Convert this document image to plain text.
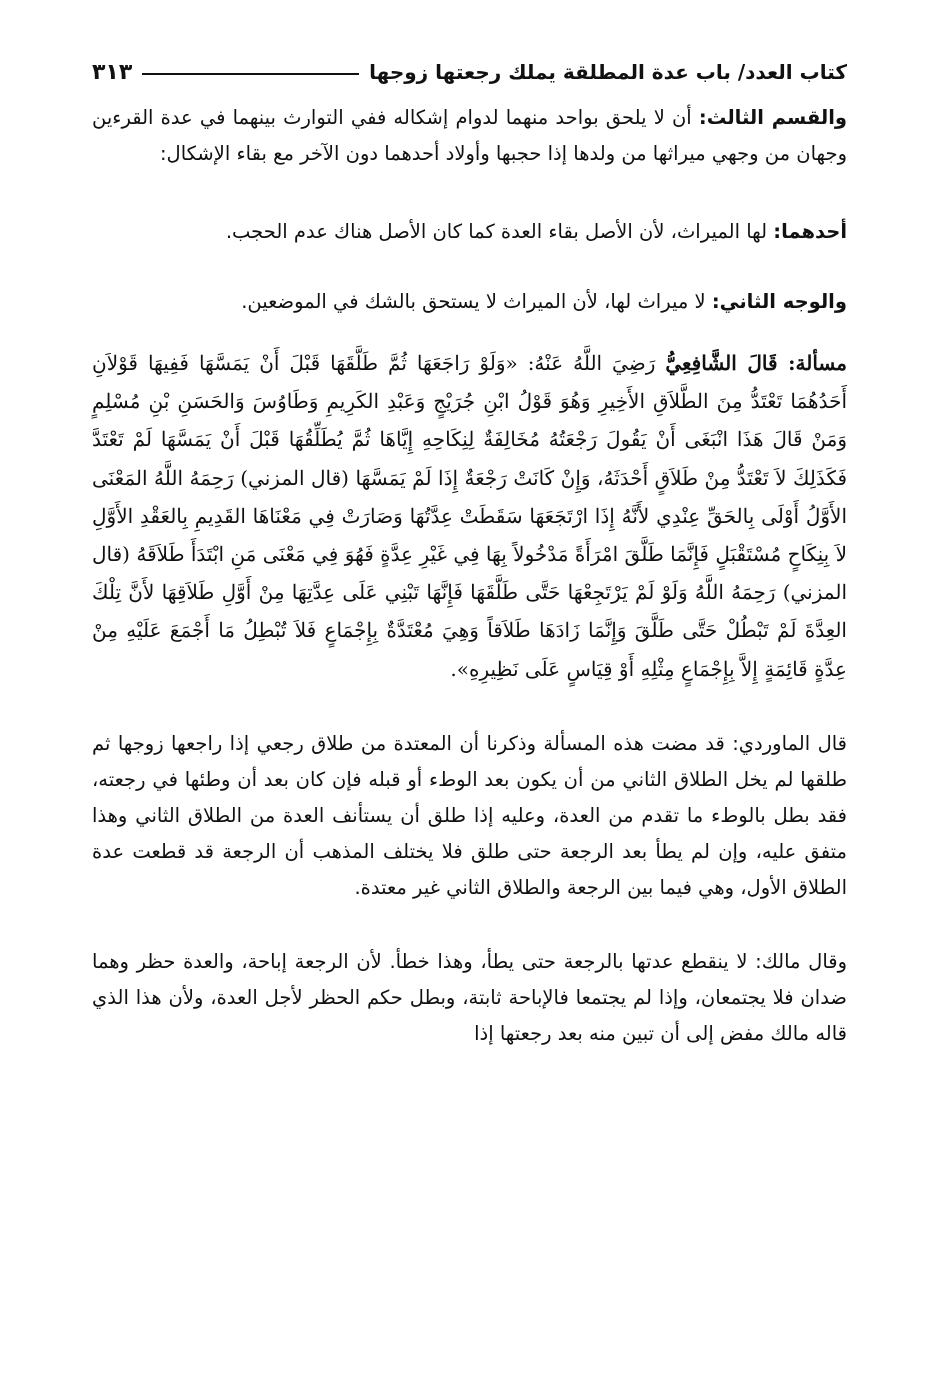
كتاب العدد/ باب عدة المطلقة يملك رجعتها زوجها
٣١٣

والقسم الثالث: أن لا يلحق بواحد منهما لدوام إشكاله ففي التوارث بينهما في عدة القرءين وجهان من وجهي ميراثها من ولدها إذا حجبها وأولاد أحدهما دون الآخر مع بقاء الإشكال:

أحدهما: لها الميراث، لأن الأصل بقاء العدة كما كان الأصل هناك عدم الحجب.

والوجه الثاني: لا ميراث لها، لأن الميراث لا يستحق بالشك في الموضعين.

مسألة: قَالَ الشَّافِعِيُّ رَضِيَ اللَّهُ عَنْهُ: «وَلَوْ رَاجَعَهَا ثُمَّ طَلَّقَهَا قَبْلَ أَنْ يَمَسَّهَا فَفِيهَا قَوْلاَنِ أَحَدُهُمَا تَعْتَدُّ مِنَ الطَّلاَقِ الأَخِيرِ وَهُوَ قَوْلُ ابْنِ جُرَيْجٍ وَعَبْدِ الكَرِيمِ وَطَاوُسَ وَالحَسَنِ بْنِ مُسْلِمٍ وَمَنْ قَالَ هَذَا انْبَغَى أَنْ يَقُولَ رَجْعَتُهُ مُخَالِفَةٌ لِنِكَاحِهِ إِيَّاهَا ثُمَّ يُطَلِّقُهَا قَبْلَ أَنْ يَمَسَّهَا لَمْ تَعْتَدَّ فَكَذَلِكَ لاَ تَعْتَدُّ مِنْ طَلاَقٍ أَحْدَثَهُ، وَإِنْ كَانَتْ رَجْعَةٌ إِذَا لَمْ يَمَسَّهَا (قال المزني) رَحِمَهُ اللَّهُ المَعْنَى الأَوَّلُ أَوْلَى بِالحَقِّ عِنْدِي لأَنَّهُ إِذَا ارْتَجَعَهَا سَقَطَتْ عِدَّتُهَا وَصَارَتْ فِي مَعْنَاهَا القَدِيمِ بِالعَقْدِ الأَوَّلِ لاَ بِنِكَاحٍ مُسْتَقْبَلٍ فَإِنَّمَا طَلَّقَ امْرَأَةً مَدْخُولاً بِهَا فِي غَيْرِ عِدَّةٍ فَهُوَ فِي مَعْنَى مَنِ ابْتَدَأَ طَلاَقَهُ (قال المزني) رَحِمَهُ اللَّهُ وَلَوْ لَمْ يَرْتَجِعْهَا حَتَّى طَلَّقَهَا فَإِنَّهَا تَبْنِي عَلَى عِدَّتِهَا مِنْ أَوَّلِ طَلاَقِهَا لأَنَّ تِلْكَ العِدَّةَ لَمْ تَبْطُلْ حَتَّى طَلَّقَ وَإِنَّمَا زَادَهَا طَلاَقاً وَهِيَ مُعْتَدَّةٌ بِإِجْمَاعٍ فَلاَ تُبْطِلُ مَا أَجْمَعَ عَلَيْهِ مِنْ عِدَّةٍ قَائِمَةٍ إِلاَّ بِإِجْمَاعٍ مِثْلِهِ أَوْ قِيَاسٍ عَلَى نَظِيرِهِ».

قال الماوردي: قد مضت هذه المسألة وذكرنا أن المعتدة من طلاق رجعي إذا راجعها زوجها ثم طلقها لم يخل الطلاق الثاني من أن يكون بعد الوطء أو قبله فإن كان بعد أن وطئها في رجعته، فقد بطل بالوطء ما تقدم من العدة، وعليه إذا طلق أن يستأنف العدة من الطلاق الثاني وهذا متفق عليه، وإن لم يطأ بعد الرجعة حتى طلق فلا يختلف المذهب أن الرجعة قد قطعت عدة الطلاق الأول، وهي فيما بين الرجعة والطلاق الثاني غير معتدة.

وقال مالك: لا ينقطع عدتها بالرجعة حتى يطأ، وهذا خطأ. لأن الرجعة إباحة، والعدة حظر وهما ضدان فلا يجتمعان، وإذا لم يجتمعا فالإباحة ثابتة، وبطل حكم الحظر لأجل العدة، ولأن هذا الذي قاله مالك مفض إلى أن تبين منه بعد رجعتها إذا
